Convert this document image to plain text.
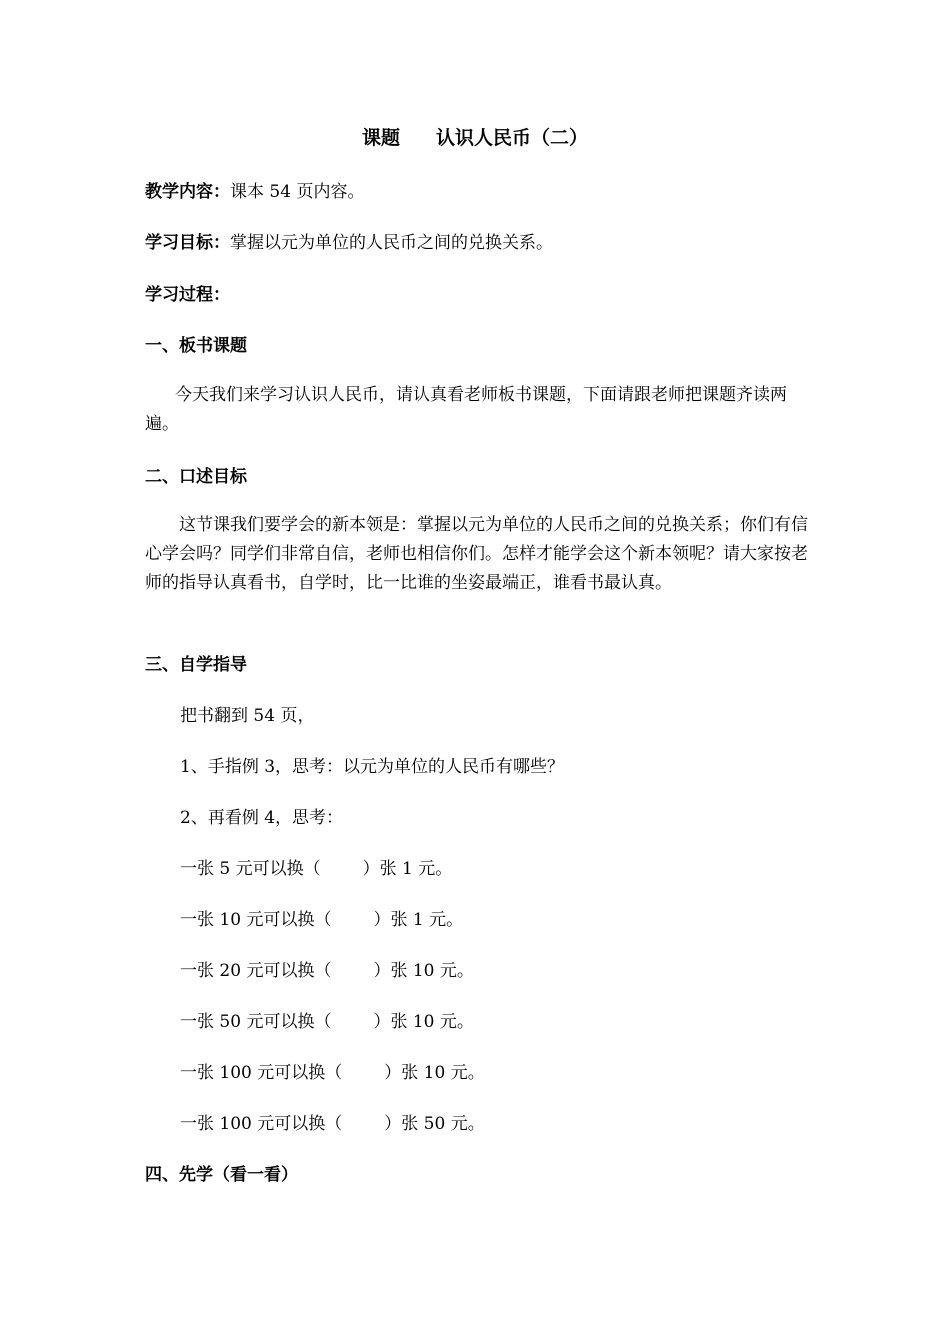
课题 认识人民币（二）
教学内容：课本 54 页内容。
学习目标：掌握以元为单位的人民币之间的兑换关系。
学习过程：
一、板书课题
今天我们来学习认识人民币，请认真看老师板书课题，下面请跟老师把课题齐读两遍。
二、口述目标
这节课我们要学会的新本领是：掌握以元为单位的人民币之间的兑换关系；你们有信心学会吗？同学们非常自信，老师也相信你们。怎样才能学会这个新本领呢？请大家按老师的指导认真看书，自学时，比一比谁的坐姿最端正，谁看书最认真。
三、自学指导
把书翻到 54 页，
1、手指例 3，思考：以元为单位的人民币有哪些？
2、再看例 4，思考：
一张 5 元可以换（ ）张 1 元。
一张 10 元可以换（ ）张 1 元。
一张 20 元可以换（ ）张 10 元。
一张 50 元可以换（ ）张 10 元。
一张 100 元可以换（ ）张 10 元。
一张 100 元可以换（ ）张 50 元。
四、先学（看一看）
